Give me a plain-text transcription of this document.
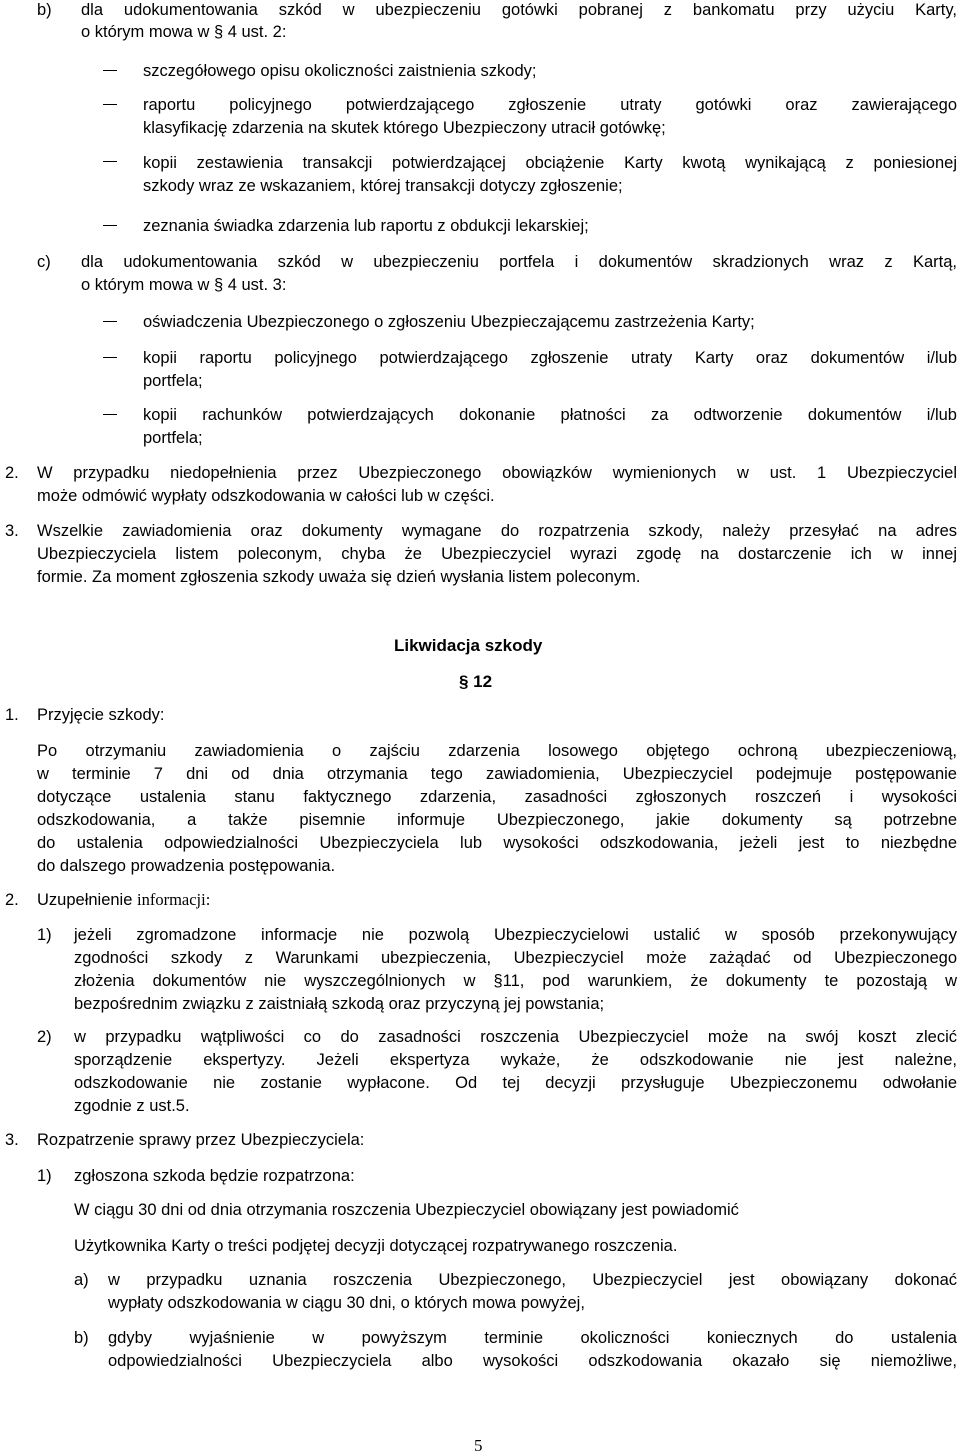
b) dla udokumentowania szkód w ubezpieczeniu gotówki pobranej z bankomatu przy użyciu Karty,
o którym mowa w § 4 ust. 2:
szczegółowego opisu okoliczności zaistnienia szkody;
raportu policyjnego potwierdzającego zgłoszenie utraty gotówki oraz zawierającego
klasyfikację zdarzenia na skutek którego Ubezpieczony utracił gotówkę;
kopii zestawienia transakcji potwierdzającej obciążenie Karty kwotą wynikającą z poniesionej
szkody wraz ze wskazaniem, której transakcji dotyczy zgłoszenie;
zeznania świadka zdarzenia lub raportu z obdukcji lekarskiej;
c) dla udokumentowania szkód w ubezpieczeniu portfela i dokumentów skradzionych wraz z Kartą,
o którym mowa w § 4 ust. 3:
oświadczenia Ubezpieczonego o zgłoszeniu Ubezpieczającemu zastrzeżenia Karty;
kopii raportu policyjnego potwierdzającego zgłoszenie utraty Karty oraz dokumentów i/lub
portfela;
kopii rachunków potwierdzających dokonanie płatności za odtworzenie dokumentów i/lub
portfela;
2. W przypadku niedopełnienia przez Ubezpieczonego obowiązków wymienionych w ust. 1 Ubezpieczyciel
może odmówić wypłaty odszkodowania w całości lub w części.
3. Wszelkie zawiadomienia oraz dokumenty wymagane do rozpatrzenia szkody, należy przesyłać na adres
Ubezpieczyciela listem poleconym, chyba że Ubezpieczyciel wyrazi zgodę na dostarczenie ich w innej
formie. Za moment zgłoszenia szkody uważa się dzień wysłania listem poleconym.
Likwidacja szkody
§ 12
1. Przyjęcie szkody:
Po otrzymaniu zawiadomienia o zajściu zdarzenia losowego objętego ochroną ubezpieczeniową,
w terminie 7 dni od dnia otrzymania tego zawiadomienia, Ubezpieczyciel podejmuje postępowanie
dotyczące ustalenia stanu faktycznego zdarzenia, zasadności zgłoszonych roszczeń i wysokości
odszkodowania, a także pisemnie informuje Ubezpieczonego, jakie dokumenty są potrzebne
do ustalenia odpowiedzialności Ubezpieczyciela lub wysokości odszkodowania, jeżeli jest to niezbędne
do dalszego prowadzenia postępowania.
2. Uzupełnienie informacji:
1) jeżeli zgromadzone informacje nie pozwolą Ubezpieczycielowi ustalić w sposób przekonywujący
zgodności szkody z Warunkami ubezpieczenia, Ubezpieczyciel może zażądać od Ubezpieczonego
złożenia dokumentów nie wyszczególnionych w §11, pod warunkiem, że dokumenty te pozostają w
bezpośrednim związku z zaistniałą szkodą oraz przyczyną jej powstania;
2) w przypadku wątpliwości co do zasadności roszczenia Ubezpieczyciel może na swój koszt zlecić
sporządzenie ekspertyzy. Jeżeli ekspertyza wykaże, że odszkodowanie nie jest należne,
odszkodowanie nie zostanie wypłacone. Od tej decyzji przysługuje Ubezpieczonemu odwołanie
zgodnie z ust.5.
3. Rozpatrzenie sprawy przez Ubezpieczyciela:
1) zgłoszona szkoda będzie rozpatrzona:
W ciągu 30 dni od dnia otrzymania roszczenia Ubezpieczyciel obowiązany jest powiadomić
Użytkownika Karty o treści podjętej decyzji dotyczącej rozpatrywanego roszczenia.
a) w przypadku uznania roszczenia Ubezpieczonego, Ubezpieczyciel jest obowiązany dokonać
wypłaty odszkodowania w ciągu 30 dni, o których mowa powyżej,
b) gdyby wyjaśnienie w powyższym terminie okoliczności koniecznych do ustalenia
odpowiedzialności Ubezpieczyciela albo wysokości odszkodowania okazało się niemożliwe,
5
